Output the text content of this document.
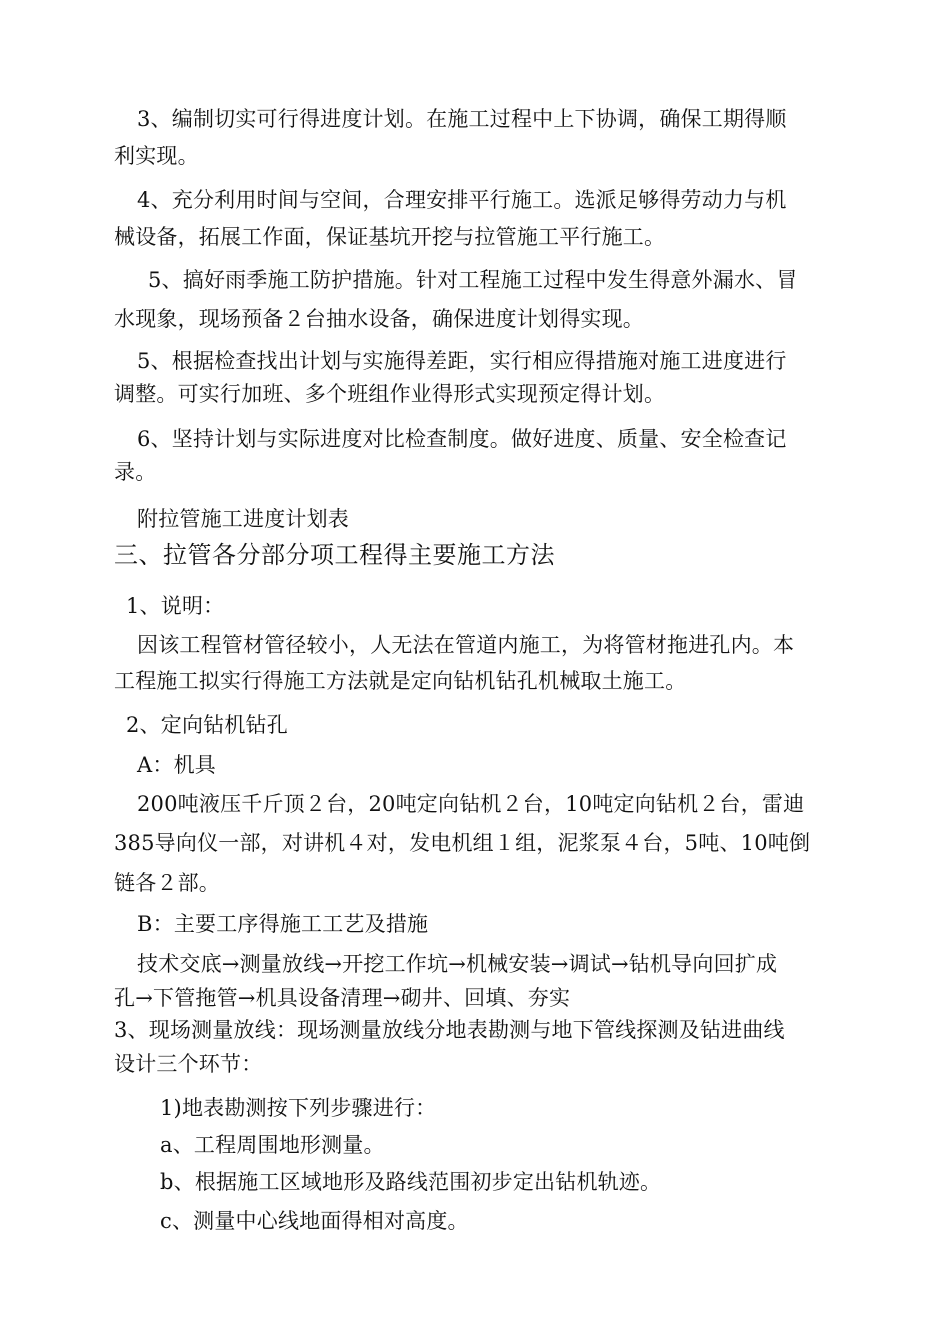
3、编制切实可行得进度计划。在施工过程中上下协调，确保工期得顺
利实现。
4、充分利用时间与空间，合理安排平行施工。选派足够得劳动力与机
械设备，拓展工作面，保证基坑开挖与拉管施工平行施工。
5、搞好雨季施工防护措施。针对工程施工过程中发生得意外漏水、冒
水现象，现场预备２台抽水设备，确保进度计划得实现。
5、根据检查找出计划与实施得差距，实行相应得措施对施工进度进行
调整。可实行加班、多个班组作业得形式实现预定得计划。
6、坚持计划与实际进度对比检查制度。做好进度、质量、安全检查记
录。
附拉管施工进度计划表
三、拉管各分部分项工程得主要施工方法
1、说明：
因该工程管材管径较小，人无法在管道内施工，为将管材拖进孔内。本
工程施工拟实行得施工方法就是定向钻机钻孔机械取土施工。
2、定向钻机钻孔
A：机具
200吨液压千斤顶２台，20吨定向钻机２台，10吨定向钻机２台，雷迪
385导向仪一部，对讲机４对，发电机组１组，泥浆泵４台，5吨、10吨倒
链各２部。
B：主要工序得施工工艺及措施
技术交底→测量放线→开挖工作坑→机械安装→调试→钻机导向回扩成
孔→下管拖管→机具设备清理→砌井、回填、夯实
3、现场测量放线：现场测量放线分地表勘测与地下管线探测及钻进曲线
设计三个环节：
1)地表勘测按下列步骤进行：
a、工程周围地形测量。
b、根据施工区域地形及路线范围初步定出钻机轨迹。
c、测量中心线地面得相对高度。
